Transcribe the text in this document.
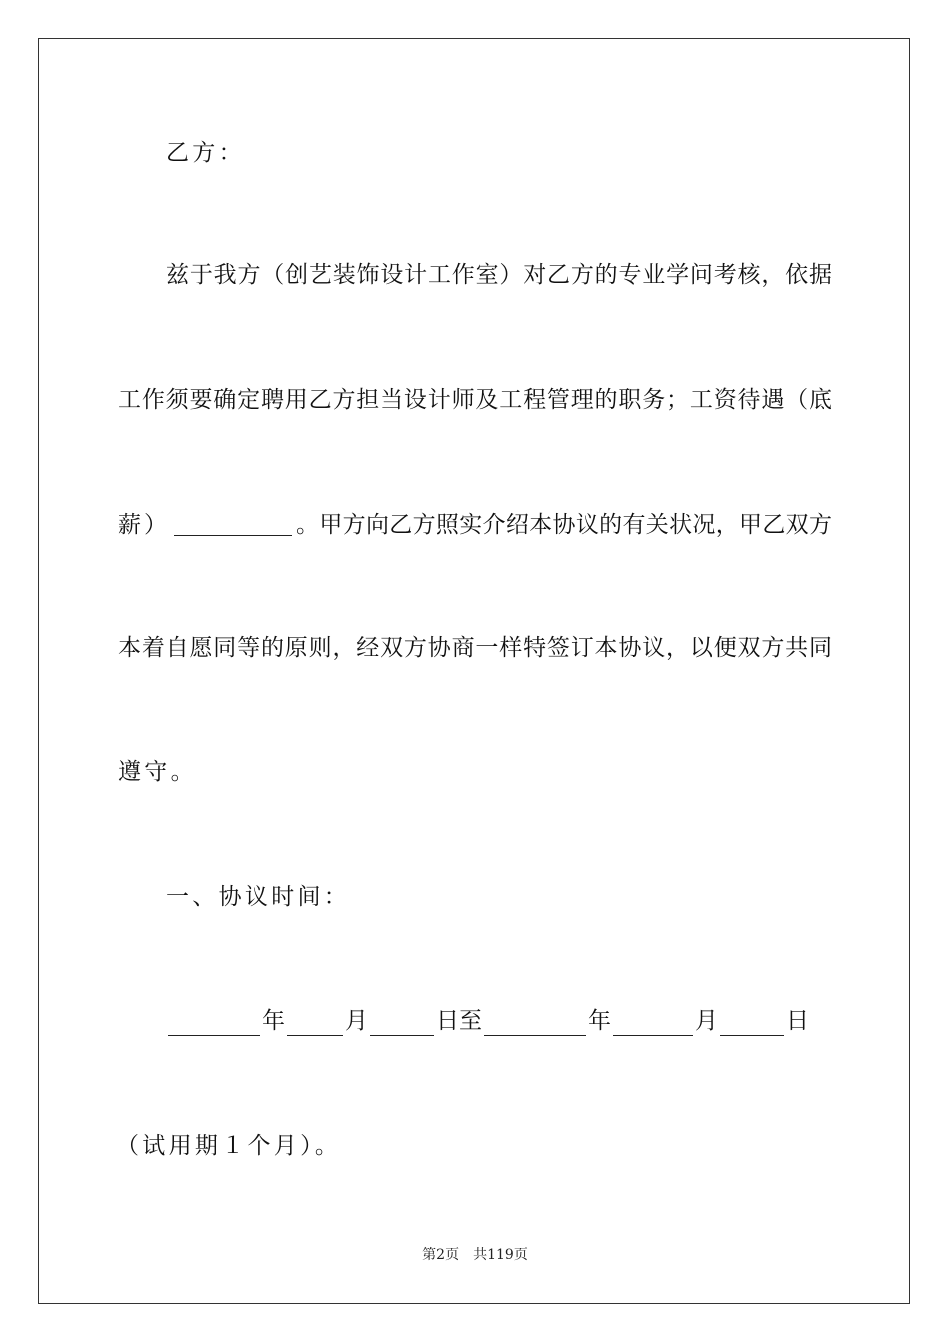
乙方：
兹于我方（创艺装饰设计工作室）对乙方的专业学问考核，依据
工作须要确定聘用乙方担当设计师及工程管理的职务；工资待遇（底
薪）	。甲方向乙方照实介绍本协议的有关状况，甲乙双方
本着自愿同等的原则，经双方协商一样特签订本协议，以便双方共同
遵守。
一、协议时间：
年	月	日至	年	月	日
（试用期１个月）。
第2页 共119页
